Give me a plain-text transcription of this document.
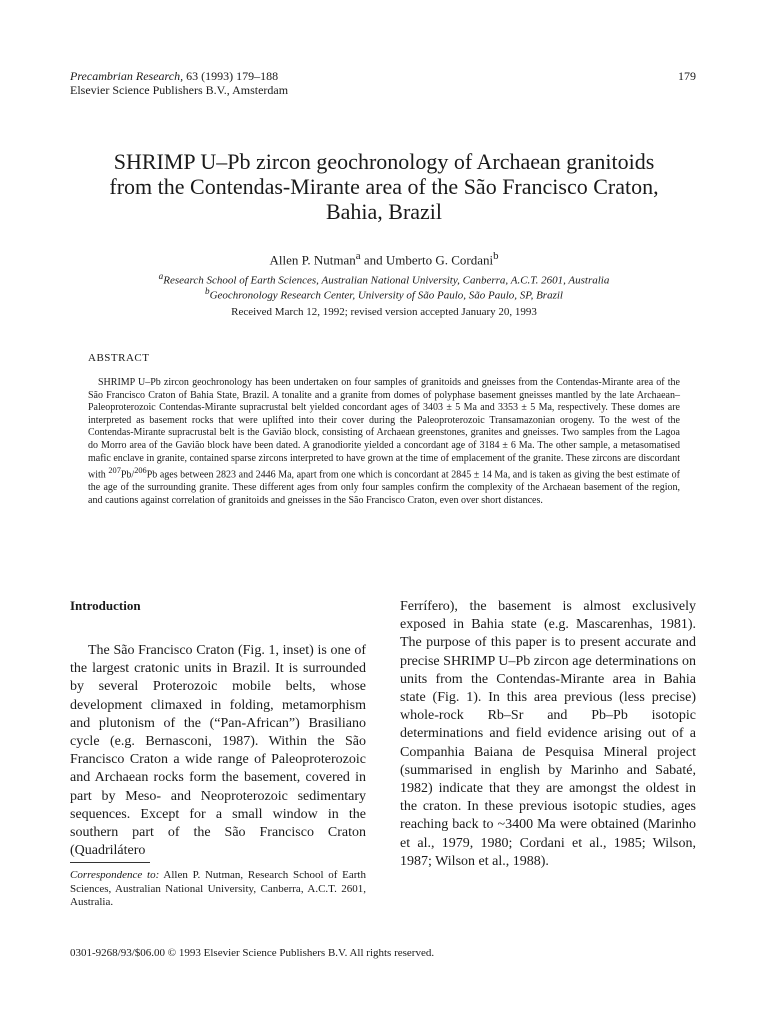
Precambrian Research, 63 (1993) 179–188
Elsevier Science Publishers B.V., Amsterdam
179
SHRIMP U–Pb zircon geochronology of Archaean granitoids
from the Contendas-Mirante area of the São Francisco Craton,
Bahia, Brazil
Allen P. Nutman$^a$ and Umberto G. Cordani$^b$
$^a$Research School of Earth Sciences, Australian National University, Canberra, A.C.T. 2601, Australia
$^b$Geochronology Research Center, University of São Paulo, São Paulo, SP, Brazil
Received March 12, 1992; revised version accepted January 20, 1993
ABSTRACT
SHRIMP U–Pb zircon geochronology has been undertaken on four samples of granitoids and gneisses from the Contendas-Mirante area of the São Francisco Craton of Bahia State, Brazil. A tonalite and a granite from domes of polyphase basement gneisses mantled by the late Archaean–Paleoproterozoic Contendas-Mirante supracrustal belt yielded concordant ages of 3403 ± 5 Ma and 3353 ± 5 Ma, respectively. These domes are interpreted as basement rocks that were uplifted into their cover during the Paleoproterozoic Transamazonian orogeny. To the west of the Contendas-Mirante supracrustal belt is the Gavião block, consisting of Archaean greenstones, granites and gneisses. Two samples from the Lagoa do Morro area of the Gavião block have been dated. A granodiorite yielded a concordant age of 3184 ± 6 Ma. The other sample, a metasomatised mafic enclave in granite, contained sparse zircons interpreted to have grown at the time of emplacement of the granite. These zircons are discordant with $^{207}$Pb/$^{206}$Pb ages between 2823 and 2446 Ma, apart from one which is concordant at 2845 ± 14 Ma, and is taken as giving the best estimate of the age of the surrounding granite. These different ages from only four samples confirm the complexity of the Archaean basement of the region, and cautions against correlation of granitoids and gneisses in the São Francisco Craton, even over short distances.
Introduction
The São Francisco Craton (Fig. 1, inset) is one of the largest cratonic units in Brazil. It is surrounded by several Proterozoic mobile belts, whose development climaxed in folding, metamorphism and plutonism of the (“Pan-African”) Brasiliano cycle (e.g. Bernasconi, 1987). Within the São Francisco Craton a wide range of Paleoproterozoic and Archaean rocks form the basement, covered in part by Meso- and Neoproterozoic sedimentary sequences. Except for a small window in the southern part of the São Francisco Craton (Quadrilátero
Ferrífero), the basement is almost exclusively exposed in Bahia state (e.g. Mascarenhas, 1981). The purpose of this paper is to present accurate and precise SHRIMP U–Pb zircon age determinations on units from the Contendas-Mirante area in Bahia state (Fig. 1). In this area previous (less precise) whole-rock Rb–Sr and Pb–Pb isotopic determinations and field evidence arising out of a Companhia Baiana de Pesquisa Mineral project (summarised in english by Marinho and Sabaté, 1982) indicate that they are amongst the oldest in the craton. In these previous isotopic studies, ages reaching back to ~3400 Ma were obtained (Marinho et al., 1979, 1980; Cordani et al., 1985; Wilson, 1987; Wilson et al., 1988).
Correspondence to: Allen P. Nutman, Research School of Earth Sciences, Australian National University, Canberra, A.C.T. 2601, Australia.
0301-9268/93/$06.00 © 1993 Elsevier Science Publishers B.V. All rights reserved.
